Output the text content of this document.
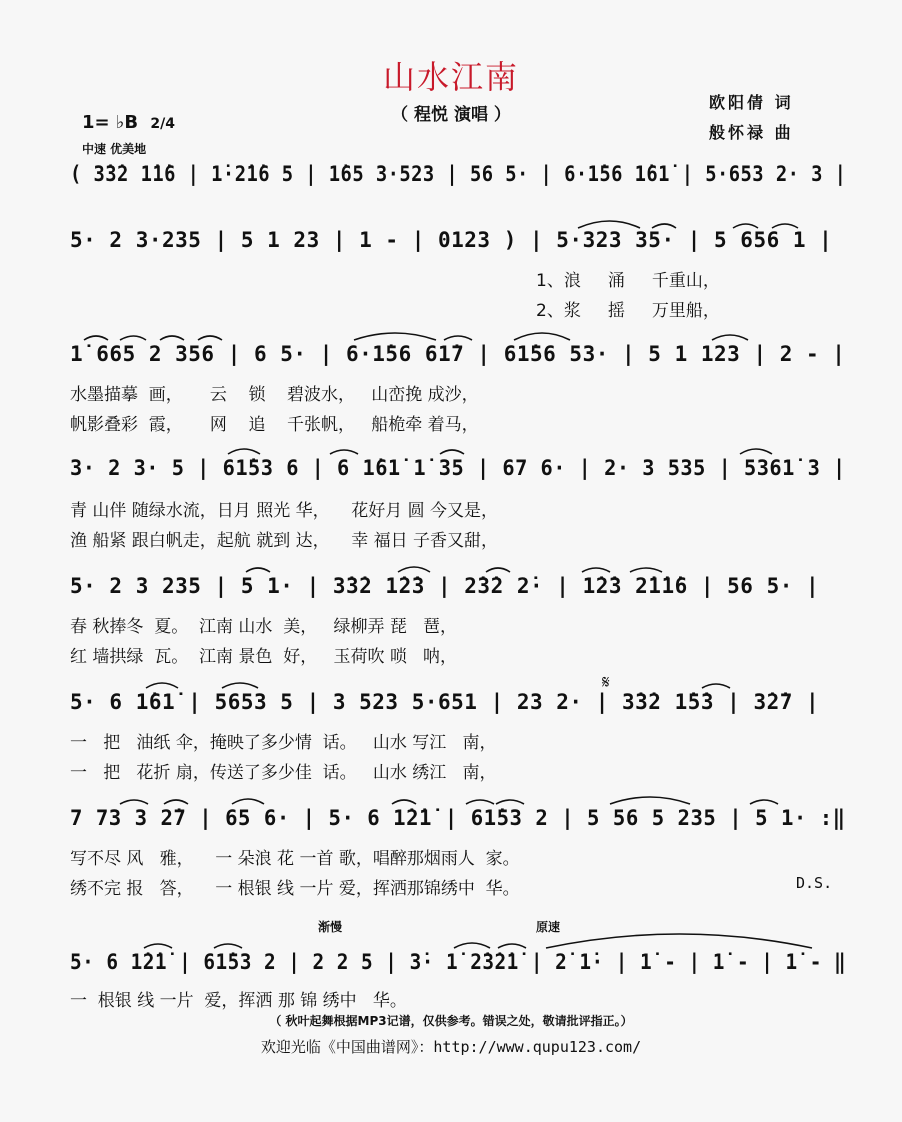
山水江南
（ 程悦 演唱 ）
欧阳倩 词
般怀禄 曲
1= ♭B 2/4
中速 优美地
( 3̇3̇2 1̇1̇6 | 1̇·2̇1̇6 5 | 1̇65 3·523 | 56 5· | 6·1̇56 1̇61̇ | 5·653 2· 3 |
5· 2 3·235 | 5 1 23 | 1 - | 0123 ) | 5·323 35· | 5 656 1 |
1、浪     涌     千重山，
2、浆     摇     万里船，
1̇ 665 2 356 | 6 5· | 6·1̇56 61̇7 | 61̇56 53· | 5 1 123 | 2 - |
水墨描摹  画，     云    锁    碧波水，   山峦挽 成沙，
帆影叠彩  霞，     网    追    千张帆，   船桅牵 着马，
3· 2 3· 5 | 61̇53 6 | 6 1̇61̇ 1̇ 35 | 67 6· | 2· 3 535 | 5361̇ 3 |
青 山伴 随绿水流，日月 照光 华，    花好月 圆 今又是，
渔 船紧 跟白帆走，起航 就到 达，    幸 福日 子香又甜，
5· 2 3 235 | 5 1· | 3̇3̇2 1̇2̇3 | 2̇3̇2 2̇· | 1̇2̇3 2̇1̇1̇6 | 56 5· |
春 秋捧冬  夏。  江南 山水  美，   绿柳弄 琵   琶，
红 墙拱绿  瓦。  江南 景色  好，   玉荷吹 唢   呐，
𝄋
5· 6 1̇61̇ | 5653 5 | 3 523 5·651 | 23 2· | 3̇3̇2 1̇5̇3 | 3̇2̇7 |
一   把   油纸 伞，掩映了多少情  话。   山水 写江   南，
一   把   花折 扇，传送了多少佳  话。   山水 绣江   南，
7 73 3 2̇7 | 65 6· | 5· 6 1̇2̇1̇ | 61̇53 2 | 5 56 5 235 | 5 1· :‖
写不尽 风   雅，    一 朵浪 花 一首 歌，唱醉那烟雨人  家。
绣不完 报   答，    一 根银 线 一片 爱，挥洒那锦绣中  华。	D.S.
渐慢	原速
5· 6 1̇2̇1̇ | 61̇53 2 | 2 2 5 | 3̇· 1̇ 2̇3̇2̇1̇ | 2̇ 1̇· | 1̇ - | 1̇ - | 1̇ - ‖
一  根银 线 一片  爱，挥洒 那 锦 绣中   华。
（ 秋叶起舞根据MP3记谱，仅供参考。错误之处，敬请批评指正。）
欢迎光临《中国曲谱网》：http://www.qupu123.com/
